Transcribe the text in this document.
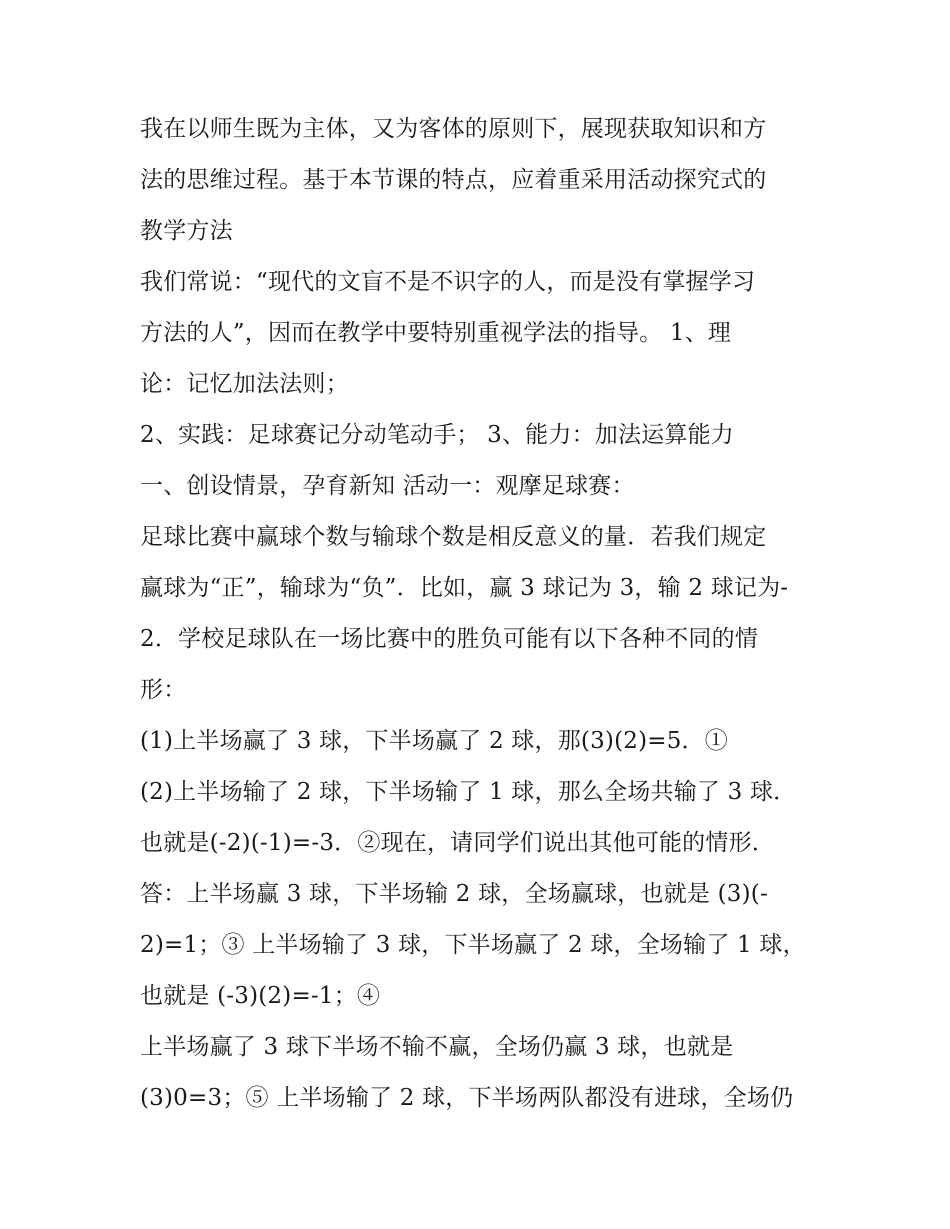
我在以师生既为主体，又为客体的原则下，展现获取知识和方
法的思维过程。基于本节课的特点，应着重采用活动探究式的
教学方法
我们常说：“现代的文盲不是不识字的人，而是没有掌握学习
方法的人”，因而在教学中要特别重视学法的指导。 1、理
论：记忆加法法则；
2、实践：足球赛记分动笔动手； 3、能力：加法运算能力
一、创设情景，孕育新知 活动一：观摩足球赛：
足球比赛中赢球个数与输球个数是相反意义的量．若我们规定
赢球为“正”，输球为“负”．比如，赢 3 球记为 3，输 2 球记为-
2．学校足球队在一场比赛中的胜负可能有以下各种不同的情
形：
(1)上半场赢了 3 球，下半场赢了 2 球，那(3)(2)=5．①
(2)上半场输了 2 球，下半场输了 1 球，那么全场共输了 3 球．
也就是(-2)(-1)=-3．②现在，请同学们说出其他可能的情形．
答：上半场赢 3 球，下半场输 2 球，全场赢球，也就是 (3)(-
2)=1；③ 上半场输了 3 球，下半场赢了 2 球，全场输了 1 球，
也就是 (-3)(2)=-1；④
上半场赢了 3 球下半场不输不赢，全场仍赢 3 球，也就是
(3)0=3；⑤ 上半场输了 2 球，下半场两队都没有进球，全场仍
